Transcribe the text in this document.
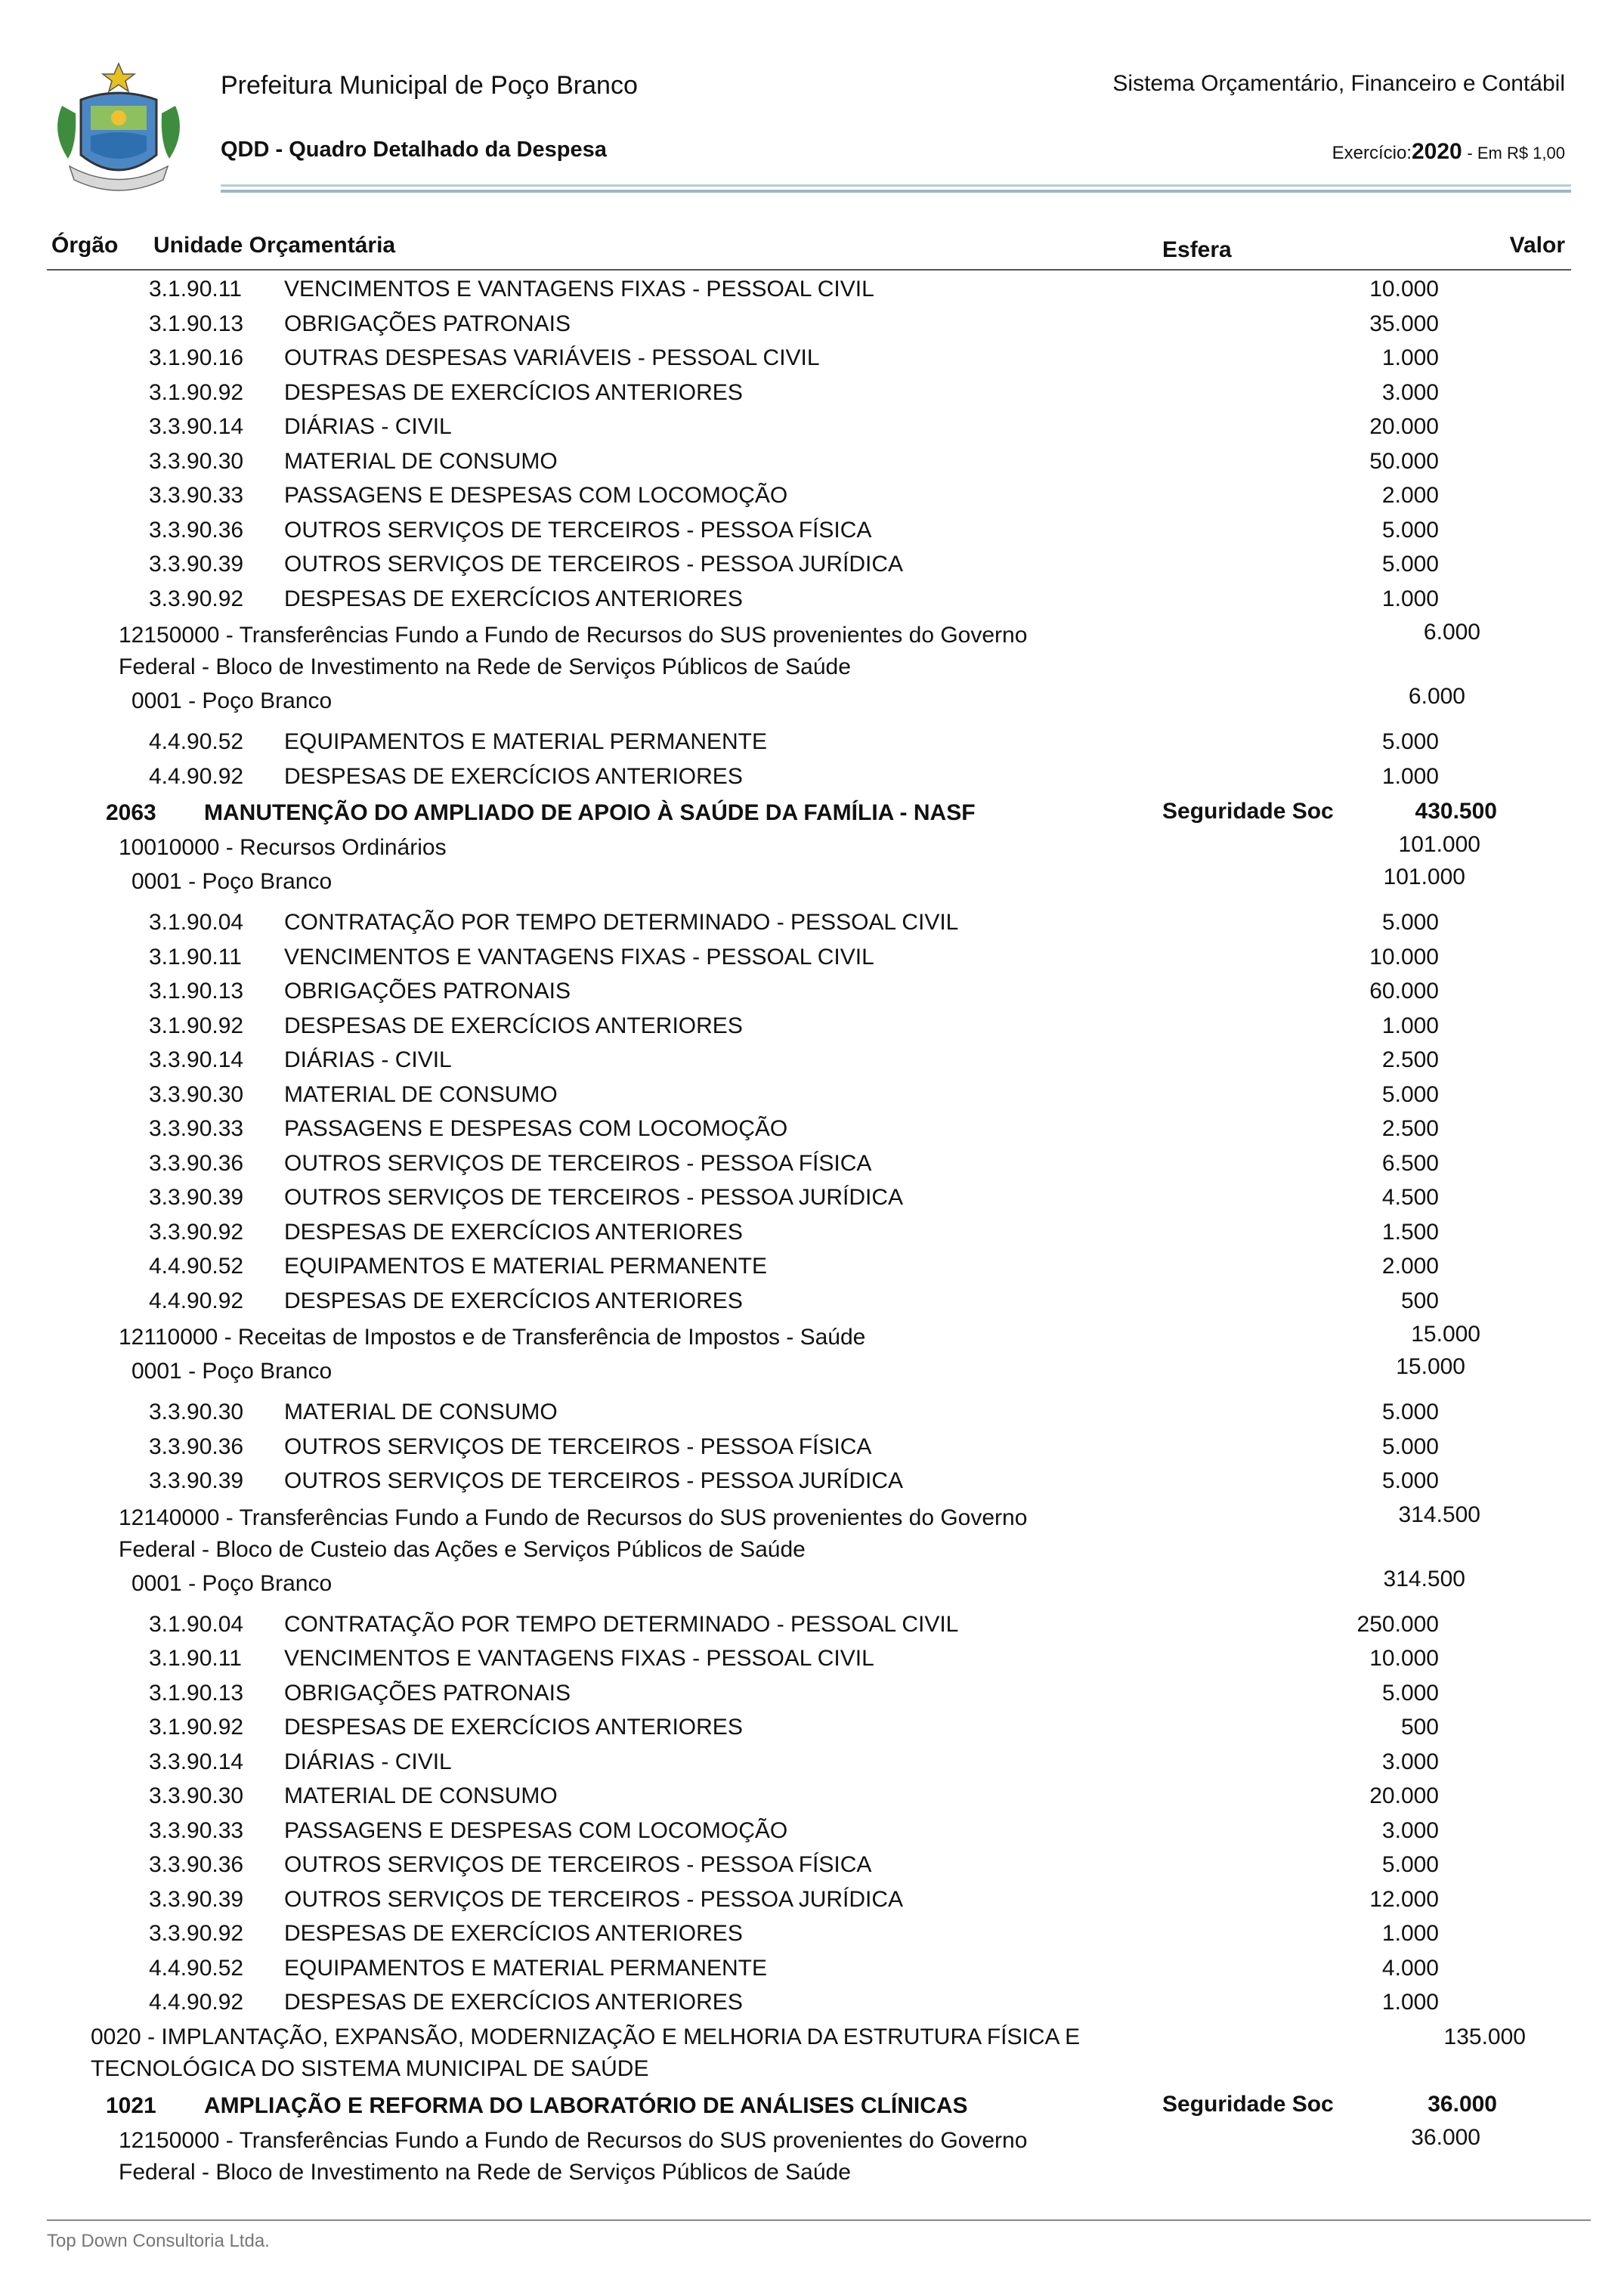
Prefeitura Municipal de Poço Branco
QDD - Quadro Detalhado da Despesa
Sistema Orçamentário, Financeiro e Contábil
Exercício:2020 - Em R$ 1,00
Órgão Unidade Orçamentária	Esfera	Valor
3.1.90.11 VENCIMENTOS E VANTAGENS FIXAS - PESSOAL CIVIL	10.000
3.1.90.13 OBRIGAÇÕES PATRONAIS	35.000
3.1.90.16 OUTRAS DESPESAS VARIÁVEIS - PESSOAL CIVIL	1.000
3.1.90.92 DESPESAS DE EXERCÍCIOS ANTERIORES	3.000
3.3.90.14 DIÁRIAS - CIVIL	20.000
3.3.90.30 MATERIAL DE CONSUMO	50.000
3.3.90.33 PASSAGENS E DESPESAS COM LOCOMOÇÃO	2.000
3.3.90.36 OUTROS SERVIÇOS DE TERCEIROS - PESSOA FÍSICA	5.000
3.3.90.39 OUTROS SERVIÇOS DE TERCEIROS - PESSOA JURÍDICA	5.000
3.3.90.92 DESPESAS DE EXERCÍCIOS ANTERIORES	1.000
12150000 - Transferências Fundo a Fundo de Recursos do SUS provenientes do Governo	6.000
Federal - Bloco de Investimento na Rede de Serviços Públicos de Saúde
0001 - Poço Branco	6.000
4.4.90.52 EQUIPAMENTOS E MATERIAL PERMANENTE	5.000
4.4.90.92 DESPESAS DE EXERCÍCIOS ANTERIORES	1.000
2063 MANUTENÇÃO DO AMPLIADO DE APOIO À SAÚDE DA FAMÍLIA - NASF	Seguridade Soc	430.500
10010000 - Recursos Ordinários	101.000
0001 - Poço Branco	101.000
3.1.90.04 CONTRATAÇÃO POR TEMPO DETERMINADO - PESSOAL CIVIL	5.000
3.1.90.11 VENCIMENTOS E VANTAGENS FIXAS - PESSOAL CIVIL	10.000
3.1.90.13 OBRIGAÇÕES PATRONAIS	60.000
3.1.90.92 DESPESAS DE EXERCÍCIOS ANTERIORES	1.000
3.3.90.14 DIÁRIAS - CIVIL	2.500
3.3.90.30 MATERIAL DE CONSUMO	5.000
3.3.90.33 PASSAGENS E DESPESAS COM LOCOMOÇÃO	2.500
3.3.90.36 OUTROS SERVIÇOS DE TERCEIROS - PESSOA FÍSICA	6.500
3.3.90.39 OUTROS SERVIÇOS DE TERCEIROS - PESSOA JURÍDICA	4.500
3.3.90.92 DESPESAS DE EXERCÍCIOS ANTERIORES	1.500
4.4.90.52 EQUIPAMENTOS E MATERIAL PERMANENTE	2.000
4.4.90.92 DESPESAS DE EXERCÍCIOS ANTERIORES	500
12110000 - Receitas de Impostos e de Transferência de Impostos - Saúde	15.000
0001 - Poço Branco	15.000
3.3.90.30 MATERIAL DE CONSUMO	5.000
3.3.90.36 OUTROS SERVIÇOS DE TERCEIROS - PESSOA FÍSICA	5.000
3.3.90.39 OUTROS SERVIÇOS DE TERCEIROS - PESSOA JURÍDICA	5.000
12140000 - Transferências Fundo a Fundo de Recursos do SUS provenientes do Governo	314.500
Federal - Bloco de Custeio das Ações e Serviços Públicos de Saúde
0001 - Poço Branco	314.500
3.1.90.04 CONTRATAÇÃO POR TEMPO DETERMINADO - PESSOAL CIVIL	250.000
3.1.90.11 VENCIMENTOS E VANTAGENS FIXAS - PESSOAL CIVIL	10.000
3.1.90.13 OBRIGAÇÕES PATRONAIS	5.000
3.1.90.92 DESPESAS DE EXERCÍCIOS ANTERIORES	500
3.3.90.14 DIÁRIAS - CIVIL	3.000
3.3.90.30 MATERIAL DE CONSUMO	20.000
3.3.90.33 PASSAGENS E DESPESAS COM LOCOMOÇÃO	3.000
3.3.90.36 OUTROS SERVIÇOS DE TERCEIROS - PESSOA FÍSICA	5.000
3.3.90.39 OUTROS SERVIÇOS DE TERCEIROS - PESSOA JURÍDICA	12.000
3.3.90.92 DESPESAS DE EXERCÍCIOS ANTERIORES	1.000
4.4.90.52 EQUIPAMENTOS E MATERIAL PERMANENTE	4.000
4.4.90.92 DESPESAS DE EXERCÍCIOS ANTERIORES	1.000
0020 - IMPLANTAÇÃO, EXPANSÃO, MODERNIZAÇÃO E MELHORIA DA ESTRUTURA FÍSICA E	135.000
TECNOLÓGICA DO SISTEMA MUNICIPAL DE SAÚDE
1021 AMPLIAÇÃO E REFORMA DO LABORATÓRIO DE ANÁLISES CLÍNICAS	Seguridade Soc	36.000
12150000 - Transferências Fundo a Fundo de Recursos do SUS provenientes do Governo	36.000
Federal - Bloco de Investimento na Rede de Serviços Públicos de Saúde
Top Down Consultoria Ltda.
